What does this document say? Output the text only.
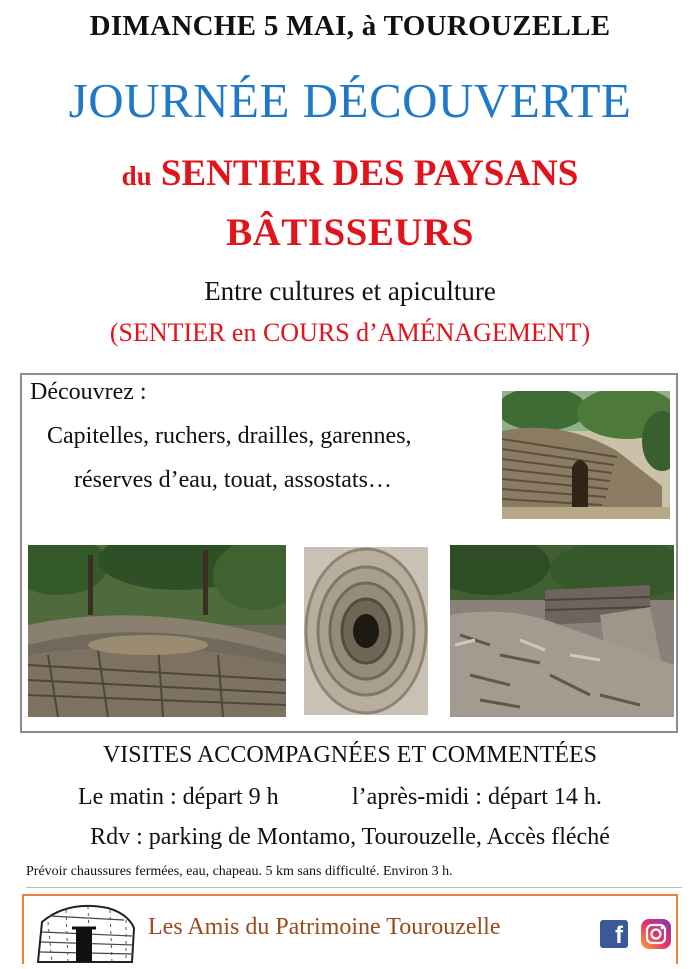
DIMANCHE 5 MAI, à TOUROUZELLE
JOURNÉE DÉCOUVERTE
du SENTIER DES PAYSANS
BÂTISSEURS
Entre cultures et apiculture
(SENTIER en COURS d’AMÉNAGEMENT)
Découvrez :
Capitelles, ruchers, drailles, garennes,
réserves d’eau, touat, assostats…
VISITES ACCOMPAGNÉES ET COMMENTÉES
Le matin : départ 9 h	l’après-midi : départ 14 h.
Rdv : parking de Montamo, Tourouzelle, Accès fléché
Prévoir chaussures fermées, eau, chapeau. 5 km sans difficulté. Environ 3 h.
Les Amis du Patrimoine Tourouzelle	f
